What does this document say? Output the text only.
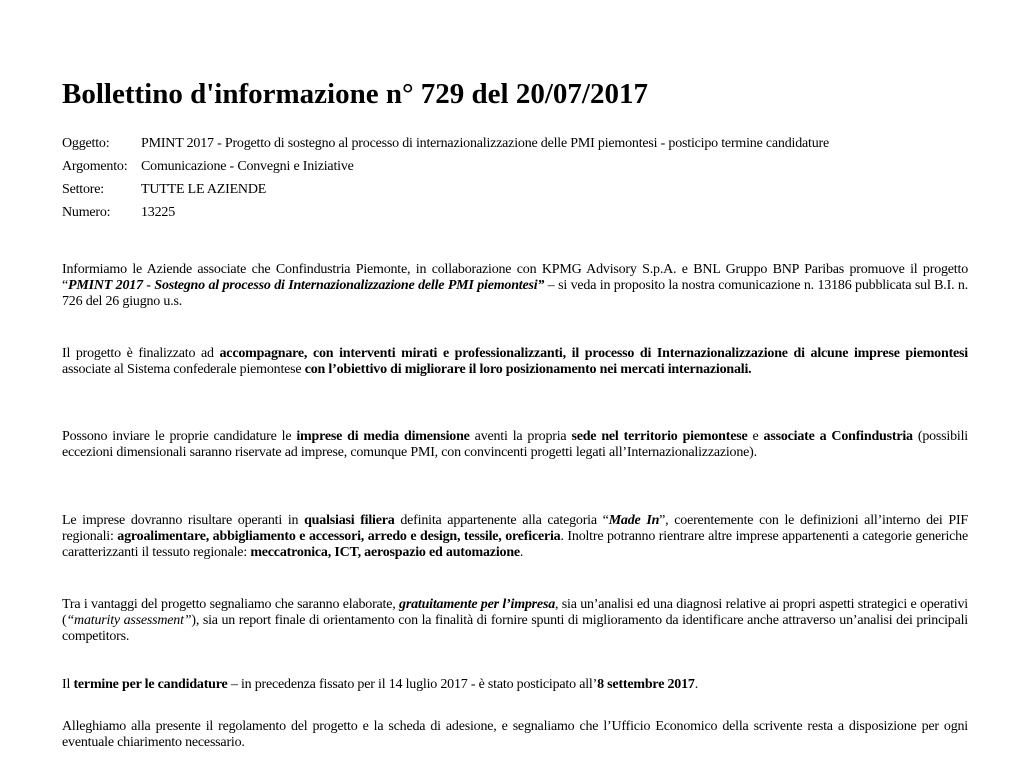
Bollettino d'informazione n° 729 del 20/07/2017
Oggetto:	PMINT 2017 - Progetto di sostegno al processo di internazionalizzazione delle PMI piemontesi - posticipo termine candidature
Argomento: Comunicazione - Convegni e Iniziative
Settore:	TUTTE LE AZIENDE
Numero:	13225

Informiamo le Aziende associate che Confindustria Piemonte, in collaborazione con KPMG Advisory S.p.A. e BNL Gruppo BNP Paribas promuove il progetto “PMINT 2017 - Sostegno al processo di Internazionalizzazione delle PMI piemontesi” – si veda in proposito la nostra comunicazione n. 13186 pubblicata sul B.I. n. 726 del 26 giugno u.s.

Il progetto è finalizzato ad accompagnare, con interventi mirati e professionalizzanti, il processo di Internazionalizzazione di alcune imprese piemontesi associate al Sistema confederale piemontese con l’obiettivo di migliorare il loro posizionamento nei mercati internazionali.

Possono inviare le proprie candidature le imprese di media dimensione aventi la propria sede nel territorio piemontese e associate a Confindustria (possibili eccezioni dimensionali saranno riservate ad imprese, comunque PMI, con convincenti progetti legati all’Internazionalizzazione).

Le imprese dovranno risultare operanti in qualsiasi filiera definita appartenente alla categoria “Made In”, coerentemente con le definizioni all’interno dei PIF regionali: agroalimentare, abbigliamento e accessori, arredo e design, tessile, oreficeria. Inoltre potranno rientrare altre imprese appartenenti a categorie generiche caratterizzanti il tessuto regionale: meccatronica, ICT, aerospazio ed automazione.

Tra i vantaggi del progetto segnaliamo che saranno elaborate, gratuitamente per l’impresa, sia un’analisi ed una diagnosi relative ai propri aspetti strategici e operativi (“maturity assessment”), sia un report finale di orientamento con la finalità di fornire spunti di miglioramento da identificare anche attraverso un’analisi dei principali competitors.

Il termine per le candidature – in precedenza fissato per il 14 luglio 2017 - è stato posticipato all’8 settembre 2017.

Alleghiamo alla presente il regolamento del progetto e la scheda di adesione, e segnaliamo che l’Ufficio Economico della scrivente resta a disposizione per ogni eventuale chiarimento necessario.
